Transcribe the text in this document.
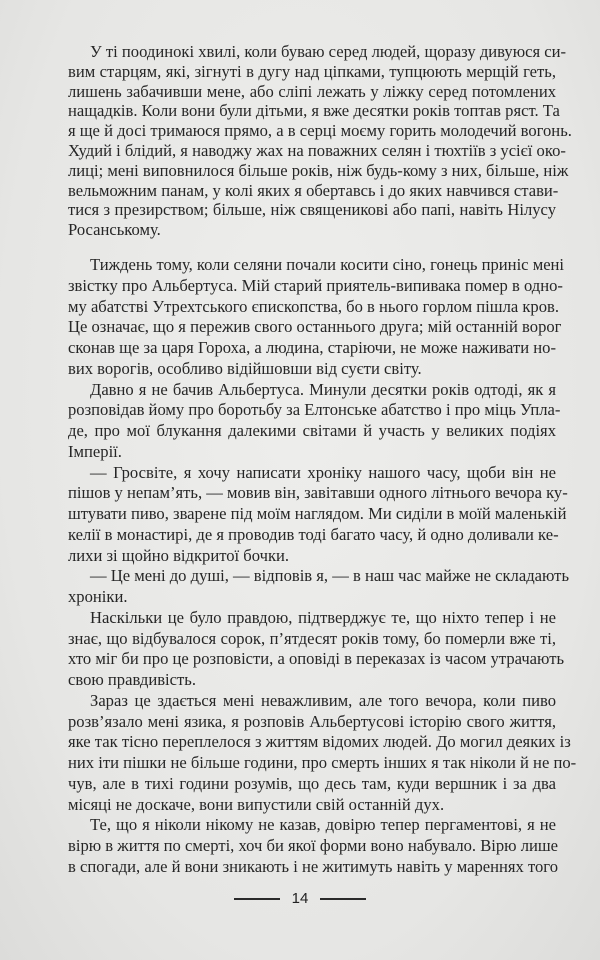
У ті поодинокі хвилі, коли буваю серед людей, щоразу дивуюся си-
вим старцям, які, зігнуті в дугу над ціпками, тупцюють мерщій геть,
лишень забачивши мене, або сліпі лежать у ліжку серед потомлених
нащадків. Коли вони були дітьми, я вже десятки років топтав ряст. Та
я ще й досі тримаюся прямо, а в серці моєму горить молодечий вогонь.
Худий і блідий, я наводжу жах на поважних селян і тюхтіїв з усієї око-
лиці; мені виповнилося більше років, ніж будь-кому з них, більше, ніж
вельможним панам, у колі яких я обертавсь і до яких навчився стави-
тися з презирством; більше, ніж священикові або папі, навіть Нілусу
Росанському.
Тиждень тому, коли селяни почали косити сіно, гонець приніс мені
звістку про Альбертуса. Мій старий приятель-випивака помер в одно-
му абатстві Утрехтського єпископства, бо в нього горлом пішла кров.
Це означає, що я пережив свого останнього друга; мій останній ворог
сконав ще за царя Гороха, а людина, старіючи, не може наживати но-
вих ворогів, особливо відійшовши від суєти світу.
Давно я не бачив Альбертуса. Минули десятки років одтоді, як я
розповідав йому про боротьбу за Елтонське абатство і про міць Упла-
де, про мої блукання далекими світами й участь у великих подіях
Імперії.
— Гросвіте, я хочу написати хроніку нашого часу, щоби він не
пішов у непам’ять, — мовив він, завітавши одного літнього вечора ку-
штувати пиво, зварене під моїм наглядом. Ми сиділи в моїй маленькій
келії в монастирі, де я проводив тоді багато часу, й одно доливали ке-
лихи зі щойно відкритої бочки.
— Це мені до душі, — відповів я, — в наш час майже не складають
хроніки.
Наскільки це було правдою, підтверджує те, що ніхто тепер і не
знає, що відбувалося сорок, п’ятдесят років тому, бо померли вже ті,
хто міг би про це розповісти, а оповіді в переказах із часом утрачають
свою правдивість.
Зараз це здається мені неважливим, але того вечора, коли пиво
розв’язало мені язика, я розповів Альбертусові історію свого життя,
яке так тісно переплелося з життям відомих людей. До могил деяких із
них іти пішки не більше години, про смерть інших я так ніколи й не по-
чув, але в тихі години розумів, що десь там, куди вершник і за два
місяці не доскаче, вони випустили свій останній дух.
Те, що я ніколи нікому не казав, довірю тепер пергаментові, я не
вірю в життя по смерті, хоч би якої форми воно набувало. Вірю лише
в спогади, але й вони зникають і не житимуть навіть у мареннях того
14
